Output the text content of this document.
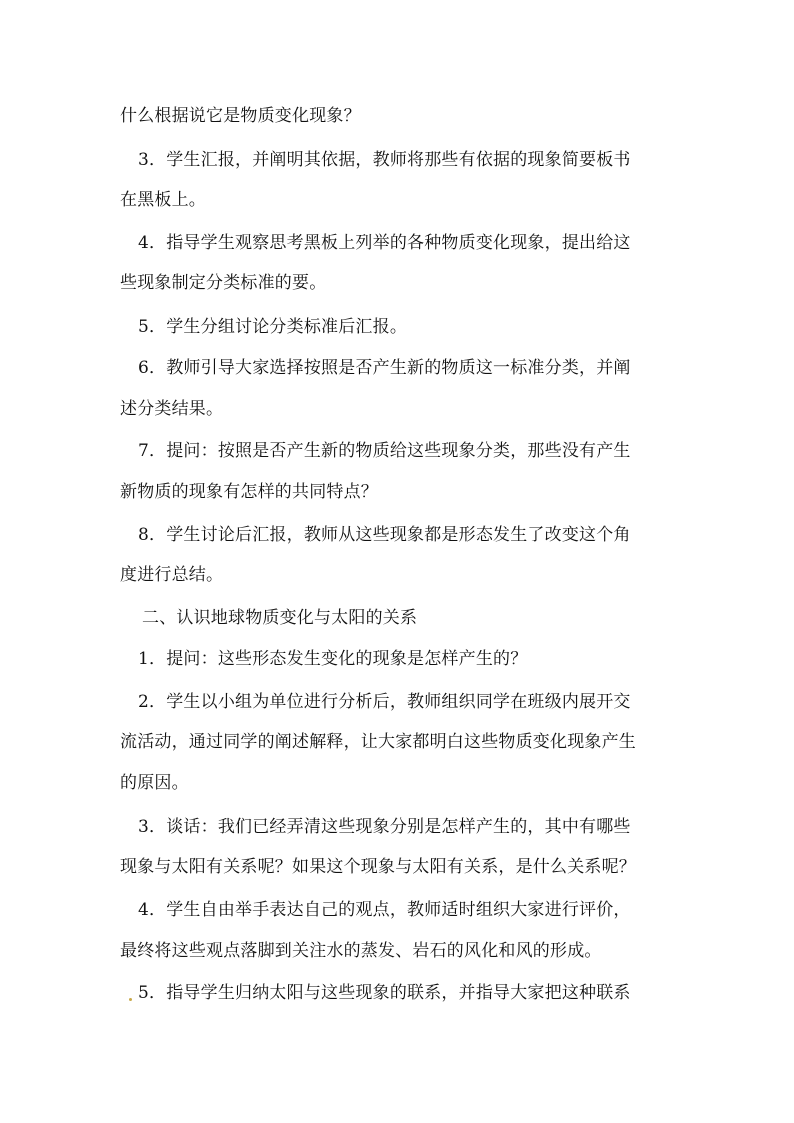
什么根据说它是物质变化现象？
3．学生汇报，并阐明其依据，教师将那些有依据的现象简要板书
在黑板上。
4．指导学生观察思考黑板上列举的各种物质变化现象，提出给这
些现象制定分类标准的要。
5．学生分组讨论分类标准后汇报。
6．教师引导大家选择按照是否产生新的物质这一标准分类，并阐
述分类结果。
7．提问：按照是否产生新的物质给这些现象分类，那些没有产生
新物质的现象有怎样的共同特点？
8．学生讨论后汇报，教师从这些现象都是形态发生了改变这个角
度进行总结。
二、认识地球物质变化与太阳的关系
1．提问：这些形态发生变化的现象是怎样产生的？
2．学生以小组为单位进行分析后，教师组织同学在班级内展开交
流活动，通过同学的阐述解释，让大家都明白这些物质变化现象产生
的原因。
3．谈话：我们已经弄清这些现象分别是怎样产生的，其中有哪些
现象与太阳有关系呢？如果这个现象与太阳有关系，是什么关系呢？
4．学生自由举手表达自己的观点，教师适时组织大家进行评价，
最终将这些观点落脚到关注水的蒸发、岩石的风化和风的形成。
5．指导学生归纳太阳与这些现象的联系，并指导大家把这种联系
